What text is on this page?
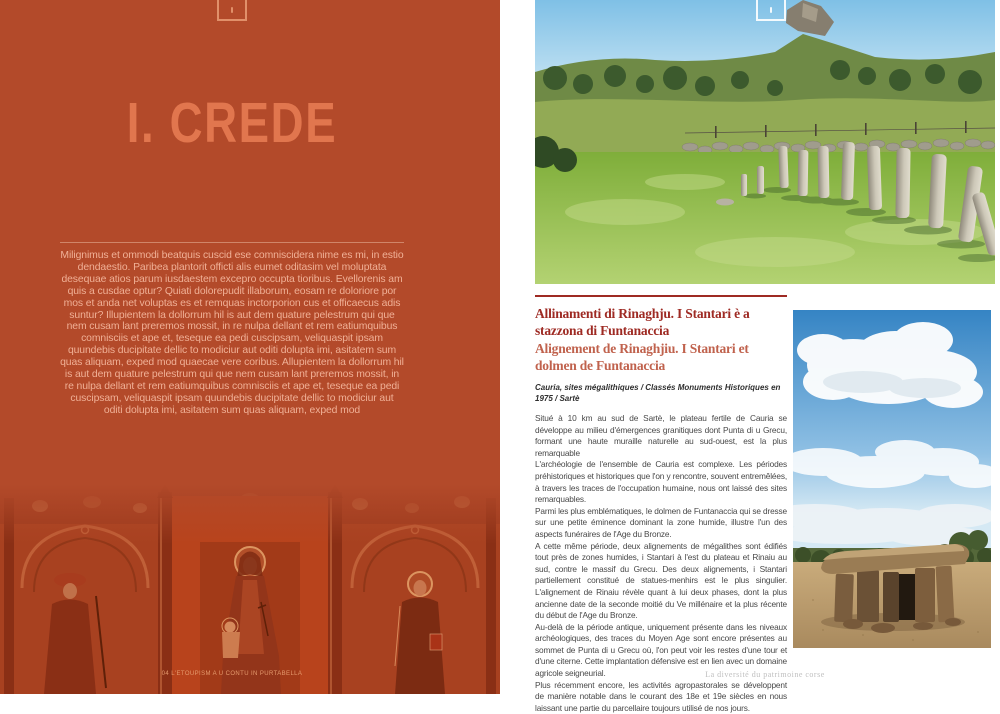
I. CREDE
Milignimus et ommodi beatquis cuscid ese comniscidera nime es mi, in estio dendaestio. Paribea plantorit officti alis eumet oditasim vel moluptata desequae atios parum iusdaestem excepro occupta tioribus. Evellorenis am quis a cusdae optur? Quiati dolorepudit illaborum, eosam re doloriore por mos et anda net voluptas es et remquas inctorporion cus et officaecus adis suntur? Illupientem la dollorrum hil is aut dem quature pelestrum qui que nem cusam lant preremos mossit, in re nulpa dellant et rem eatiumquibus comnisciis et ape et, teseque ea pedi cuscipsam, veliquaspit ipsam quundebis ducipitate dellic to modiciur aut oditi dolupta imi, asitatem sum quas aliquam, exped mod quaecae vere coribus. Allupientem la dollorrum hil is aut dem quature pelestrum qui que nem cusam lant preremos mossit, in re nulpa dellant et rem eatiumquibus comnisciis et ape et, teseque ea pedi cuscipsam, veliquaspit ipsam quundebis ducipitate dellic to modiciur aut oditi dolupta imi, asitatem sum quas aliquam, exped mod
04 L'ETOUPISM A U CONTU IN PURTABELLA
Allinamenti di Rinaghju. I Stantari è a stazzona di Funtanaccia
Alignement de Rinaghjiu. I Stantari et dolmen de Funtanaccia
Cauria, sites mégalithiques / Classés Monuments Historiques en 1975 / Sartè

Situé à 10 km au sud de Sartè, le plateau fertile de Cauria se développe au milieu d'émergences granitiques dont Punta di u Grecu, formant une haute muraille naturelle au sud-ouest, est la plus remarquable

L'archéologie de l'ensemble de Cauria est complexe. Les périodes préhistoriques et historiques que l'on y rencontre, souvent entremêlées, à travers les traces de l'occupation humaine, nous ont laissé des sites remarquables.

Parmi les plus emblématiques, le dolmen de Funtanaccia qui se dresse sur une petite éminence dominant la zone humide, illustre l'un des aspects funéraires de l'Age du Bronze.

A cette même période, deux alignements de mégalithes sont édifiés tout près de zones humides, i Stantari à l'est du plateau et Rinaiu au sud, contre le massif du Grecu. Des deux alignements, i Stantari partiellement constitué de statues-menhirs est le plus singulier. L'alignement de Rinaiu révèle quant à lui deux phases, dont la plus ancienne date de la seconde moitié du Ve millénaire et la plus récente du début de l'Age du Bronze.

Au-delà de la période antique, uniquement présente dans les niveaux archéologiques, des traces du Moyen Age sont encore présentes au sommet de Punta di u Grecu où, l'on peut voir les restes d'une tour et d'une citerne. Cette implantation défensive est en lien avec un domaine agricole seigneurial.

Plus récemment encore, les activités agropastorales se développent de manière notable dans le courant des 18e et 19e siècles en nous laissant une partie du parcellaire toujours utilisé de nos jours.

La diversité du patrimoine corse
